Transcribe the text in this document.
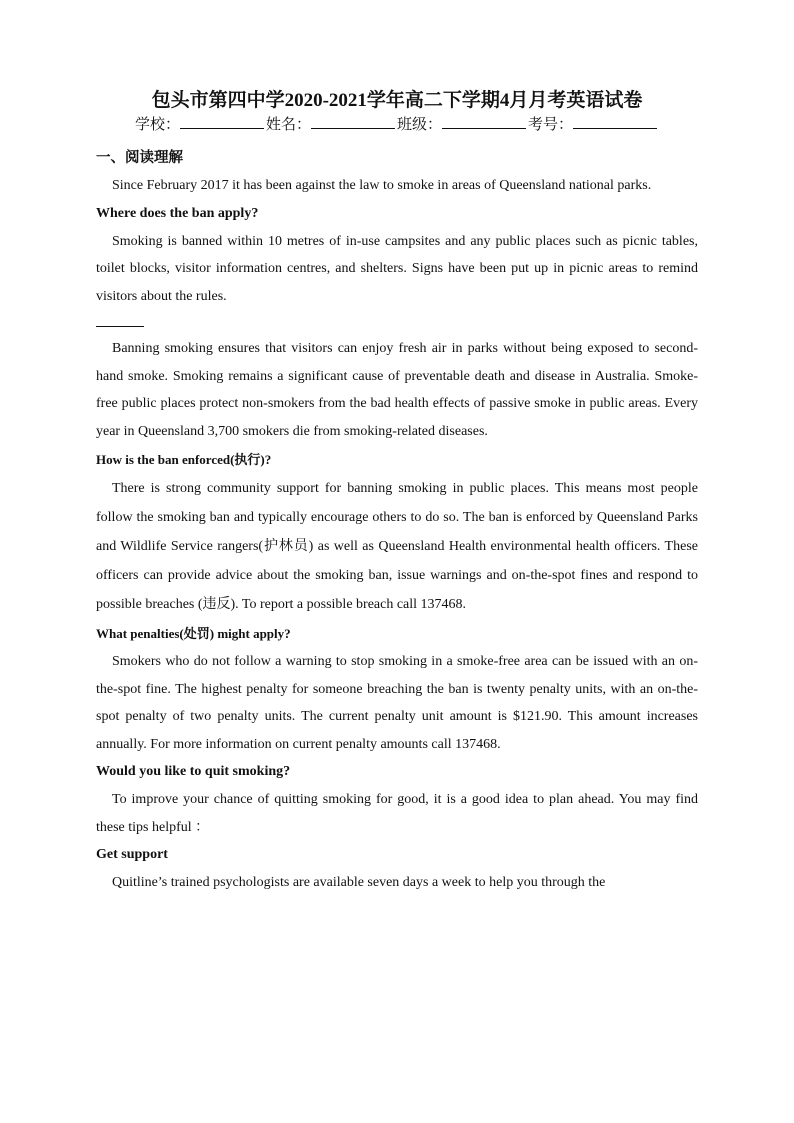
包头市第四中学2020-2021学年高二下学期4月月考英语试卷
学校：	姓名：	班级：	考号：
一、阅读理解

Since February 2017 it has been against the law to smoke in areas of Queensland national parks.

Where does the ban apply?

Smoking is banned within 10 metres of in-use campsites and any public places such as picnic tables, toilet blocks, visitor information centres, and shelters. Signs have been put up in picnic areas to remind visitors about the rules.

Banning smoking ensures that visitors can enjoy fresh air in parks without being exposed to second-hand smoke. Smoking remains a significant cause of preventable death and disease in Australia. Smoke-free public places protect non-smokers from the bad health effects of passive smoke in public areas. Every year in Queensland 3,700 smokers die from smoking-related diseases.

How is the ban enforced(执行)?

There is strong community support for banning smoking in public places. This means most people follow the smoking ban and typically encourage others to do so. The ban is enforced by Queensland Parks and Wildlife Service rangers(护林员) as well as Queensland Health environmental health officers. These officers can provide advice about the smoking ban, issue warnings and on-the-spot fines and respond to possible breaches (违反). To report a possible breach call 137468.

What penalties(处罚) might apply?

Smokers who do not follow a warning to stop smoking in a smoke-free area can be issued with an on-the-spot fine. The highest penalty for someone breaching the ban is twenty penalty units, with an on-the-spot penalty of two penalty units. The current penalty unit amount is $121.90. This amount increases annually. For more information on current penalty amounts call 137468.

Would you like to quit smoking?

To improve your chance of quitting smoking for good, it is a good idea to plan ahead. You may find these tips helpful ：

Get support

Quitline’s trained psychologists are available seven days a week to help you through the
